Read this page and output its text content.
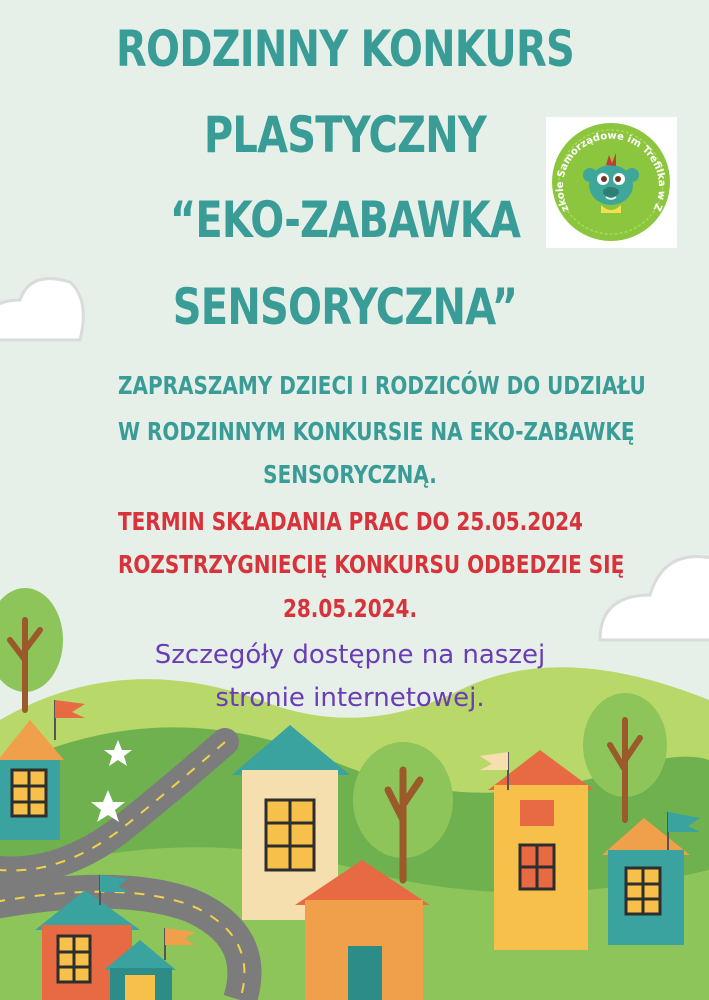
RODZINNY KONKURS
PLASTYCZNY
“EKO-ZABAWKA
SENSORYCZNA”
zkole Samorządowe im Trefilka w Z
ZAPRASZAMY DZIECI I RODZICÓW DO UDZIAŁU
W RODZINNYM KONKURSIE NA EKO-ZABAWKĘ
SENSORYCZNĄ.
TERMIN SKŁADANIA PRAC DO 25.05.2024
ROZSTRZYGNIECIĘ KONKURSU ODBEDZIE SIĘ
28.05.2024.
Szczegóły dostępne na naszej
stronie internetowej.
